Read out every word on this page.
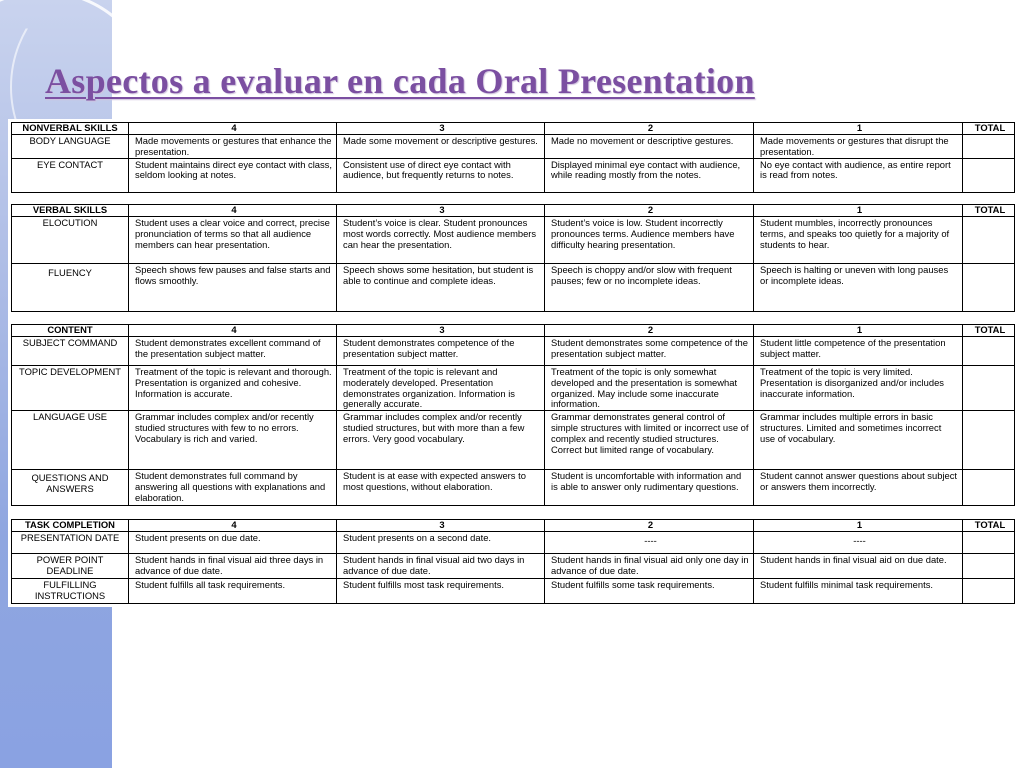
Aspectos a evaluar en cada Oral Presentation
NONVERBAL SKILLS	4	3	2	1	TOTAL
BODY LANGUAGE	Made movements or gestures that enhance the presentation.	Made some movement or descriptive gestures.	Made no movement or descriptive gestures.	Made movements or gestures that disrupt the presentation.	
EYE CONTACT	Student maintains direct eye contact with class, seldom looking at notes.	Consistent use of direct eye contact with audience, but frequently returns to notes.	Displayed minimal eye contact with audience, while reading mostly from the notes.	No eye contact with audience, as entire report is read from notes.	
VERBAL SKILLS	4	3	2	1	TOTAL
ELOCUTION	Student uses a clear voice and correct, precise pronunciation of terms so that all audience members can hear presentation.	Student’s voice is clear. Student pronounces most words correctly. Most audience members can hear the presentation.	Student’s voice is low. Student incorrectly pronounces terms. Audience members have difficulty hearing presentation.	Student mumbles, incorrectly pronounces terms, and speaks too quietly for a majority of students to hear.	
FLUENCY	Speech shows few pauses and false starts and flows smoothly.	Speech shows some hesitation, but student is able to continue and complete ideas.	Speech is choppy and/or slow with frequent pauses; few or no incomplete ideas.	Speech is halting or uneven with long pauses or incomplete ideas.	
CONTENT	4	3	2	1	TOTAL
SUBJECT COMMAND	Student demonstrates excellent command of the presentation subject matter.	Student demonstrates competence of the presentation subject matter.	Student demonstrates some competence of the presentation subject matter.	Student little competence of the presentation subject matter.	
TOPIC DEVELOPMENT	Treatment of the topic is relevant and thorough. Presentation is organized and cohesive. Information is accurate.	Treatment of the topic is relevant and moderately developed. Presentation demonstrates organization. Information is generally accurate.	Treatment of the topic is only somewhat developed and the presentation is somewhat organized. May include some inaccurate information.	Treatment of the topic is very limited. Presentation is disorganized and/or includes inaccurate information.	
LANGUAGE USE	Grammar includes complex and/or recently studied structures with few to no errors. Vocabulary is rich and varied.	Grammar includes complex and/or recently studied structures, but with more than a few errors. Very good vocabulary.	Grammar demonstrates general control of simple structures with limited or incorrect use of complex and recently studied structures. Correct but limited range of vocabulary.	Grammar includes multiple errors in basic structures. Limited and sometimes incorrect use of vocabulary.	
QUESTIONS AND ANSWERS	Student demonstrates full command by answering all questions with explanations and elaboration.	Student is at ease with expected answers to most questions, without elaboration.	Student is uncomfortable with information and is able to answer only rudimentary questions.	Student cannot answer questions about subject or answers them incorrectly.	
TASK COMPLETION	4	3	2	1	TOTAL
PRESENTATION DATE	Student presents on due date.	Student presents on a second date.	----	----	

POWER POINT DEADLINE	Student hands in final visual aid three days in advance of due date.	Student hands in final visual aid two days in advance of due date.	Student hands in final visual aid only one day in advance of due date.	Student hands in final visual aid on due date.	
FULFILLING INSTRUCTIONS	Student fulfills all task requirements.	Student fulfills most task requirements.	Student fulfills some task requirements.	Student fulfills minimal task requirements.	
